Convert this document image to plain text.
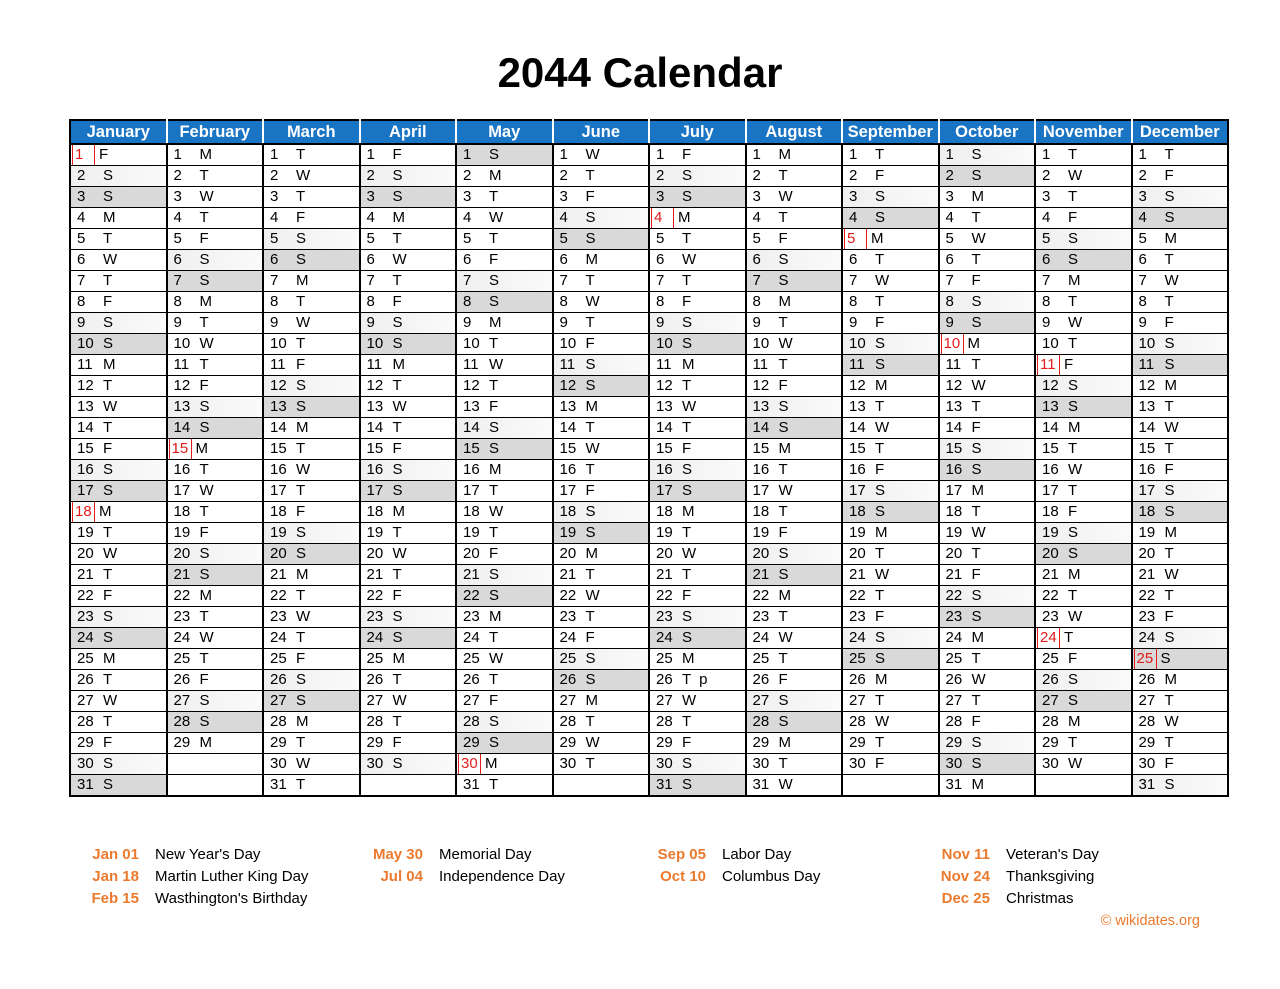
2044 Calendar
January	February	March	April	May	June	July	August	September	October	November	December
1 F	1 M	1 T	1 F	1 S	1 W	1 F	1 M	1 T	1 S	1 T	1 T
2 S	2 T	2 W	2 S	2 M	2 T	2 S	2 T	2 F	2 S	2 W	2 F
3 S	3 W	3 T	3 S	3 T	3 F	3 S	3 W	3 S	3 M	3 T	3 S
4 M	4 T	4 F	4 M	4 W	4 S	4 M	4 T	4 S	4 T	4 F	4 S
5 T	5 F	5 S	5 T	5 T	5 S	5 T	5 F	5 M	5 W	5 S	5 M
6 W	6 S	6 S	6 W	6 F	6 M	6 W	6 S	6 T	6 T	6 S	6 T
7 T	7 S	7 M	7 T	7 S	7 T	7 T	7 S	7 W	7 F	7 M	7 W
8 F	8 M	8 T	8 F	8 S	8 W	8 F	8 M	8 T	8 S	8 T	8 T
9 S	9 T	9 W	9 S	9 M	9 T	9 S	9 T	9 F	9 S	9 W	9 F
10 S	10 W	10 T	10 S	10 T	10 F	10 S	10 W	10 S	10 M	10 T	10 S
11 M	11 T	11 F	11 M	11 W	11 S	11 M	11 T	11 S	11 T	11 F	11 S
12 T	12 F	12 S	12 T	12 T	12 S	12 T	12 F	12 M	12 W	12 S	12 M
13 W	13 S	13 S	13 W	13 F	13 M	13 W	13 S	13 T	13 T	13 S	13 T
14 T	14 S	14 M	14 T	14 S	14 T	14 T	14 S	14 W	14 F	14 M	14 W
15 F	15 M	15 T	15 F	15 S	15 W	15 F	15 M	15 T	15 S	15 T	15 T
16 S	16 T	16 W	16 S	16 M	16 T	16 S	16 T	16 F	16 S	16 W	16 F
17 S	17 W	17 T	17 S	17 T	17 F	17 S	17 W	17 S	17 M	17 T	17 S
18 M	18 T	18 F	18 M	18 W	18 S	18 M	18 T	18 S	18 T	18 F	18 S
19 T	19 F	19 S	19 T	19 T	19 S	19 T	19 F	19 M	19 W	19 S	19 M
20 W	20 S	20 S	20 W	20 F	20 M	20 W	20 S	20 T	20 T	20 S	20 T
21 T	21 S	21 M	21 T	21 S	21 T	21 T	21 S	21 W	21 F	21 M	21 W
22 F	22 M	22 T	22 F	22 S	22 W	22 F	22 M	22 T	22 S	22 T	22 T
23 S	23 T	23 W	23 S	23 M	23 T	23 S	23 T	23 F	23 S	23 W	23 F
24 S	24 W	24 T	24 S	24 T	24 F	24 S	24 W	24 S	24 M	24 T	24 S
25 M	25 T	25 F	25 M	25 W	25 S	25 M	25 T	25 S	25 T	25 F	25 S
26 T	26 F	26 S	26 T	26 T	26 S	26 T p	26 F	26 M	26 W	26 S	26 M
27 W	27 S	27 S	27 W	27 F	27 M	27 W	27 S	27 T	27 T	27 S	27 T
28 T	28 S	28 M	28 T	28 S	28 T	28 T	28 S	28 W	28 F	28 M	28 W
29 F	29 M	29 T	29 F	29 S	29 W	29 F	29 M	29 T	29 S	29 T	29 T
30 S		30 W	30 S	30 M	30 T	30 S	30 T	30 F	30 S	30 W	30 F
31 S		31 T		31 T		31 S	31 W		31 M		31 S
Jan 01 New Year's Day
Jan 18 Martin Luther King Day
Feb 15 Wasthington's Birthday
May 30 Memorial Day
Jul 04 Independence Day
Sep 05 Labor Day
Oct 10 Columbus Day
Nov 11 Veteran's Day
Nov 24 Thanksgiving
Dec 25 Christmas
© wikidates.org
